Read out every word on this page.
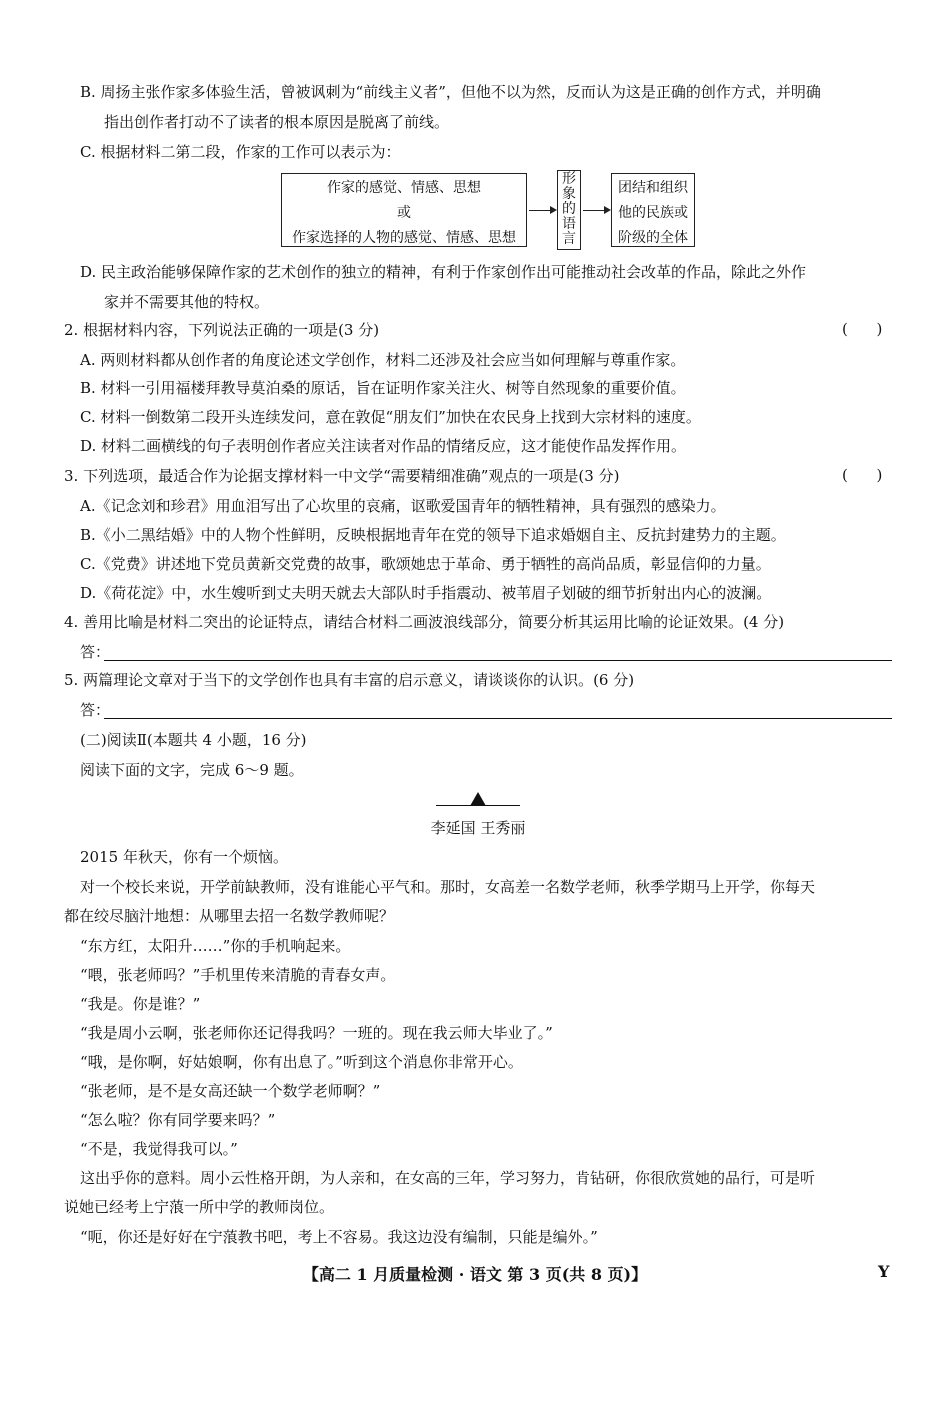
B. 周扬主张作家多体验生活，曾被讽刺为“前线主义者”，但他不以为然，反而认为这是正确的创作方式，并明确
指出创作者打动不了读者的根本原因是脱离了前线。
C. 根据材料二第二段，作家的工作可以表示为：
作家的感觉、情感、思想
或
作家选择的人物的感觉、情感、思想
形象的语言
团结和组织
他的民族或
阶级的全体
D. 民主政治能够保障作家的艺术创作的独立的精神，有利于作家创作出可能推动社会改革的作品，除此之外作
家并不需要其他的特权。
2. 根据材料内容，下列说法正确的一项是(3 分)	(      )
A. 两则材料都从创作者的角度论述文学创作，材料二还涉及社会应当如何理解与尊重作家。
B. 材料一引用福楼拜教导莫泊桑的原话，旨在证明作家关注火、树等自然现象的重要价值。
C. 材料一倒数第二段开头连续发问，意在敦促“朋友们”加快在农民身上找到大宗材料的速度。
D. 材料二画横线的句子表明创作者应关注读者对作品的情绪反应，这才能使作品发挥作用。
3. 下列选项，最适合作为论据支撑材料一中文学“需要精细准确”观点的一项是(3 分)	(      )
A.《记念刘和珍君》用血泪写出了心坎里的哀痛，讴歌爱国青年的牺牲精神，具有强烈的感染力。
B.《小二黑结婚》中的人物个性鲜明，反映根据地青年在党的领导下追求婚姻自主、反抗封建势力的主题。
C.《党费》讲述地下党员黄新交党费的故事，歌颂她忠于革命、勇于牺牲的高尚品质，彰显信仰的力量。
D.《荷花淀》中，水生嫂听到丈夫明天就去大部队时手指震动、被苇眉子划破的细节折射出内心的波澜。
4. 善用比喻是材料二突出的论证特点，请结合材料二画波浪线部分，简要分析其运用比喻的论证效果。(4 分)
答：
5. 两篇理论文章对于当下的文学创作也具有丰富的启示意义，请谈谈你的认识。(6 分)
答：
(二)阅读Ⅱ(本题共 4 小题，16 分)
阅读下面的文字，完成 6～9 题。
李延国 王秀丽
2015 年秋天，你有一个烦恼。
对一个校长来说，开学前缺教师，没有谁能心平气和。那时，女高差一名数学老师，秋季学期马上开学，你每天
都在绞尽脑汁地想：从哪里去招一名数学教师呢？
“东方红，太阳升……”你的手机响起来。
“喂，张老师吗？”手机里传来清脆的青春女声。
“我是。你是谁？”
“我是周小云啊，张老师你还记得我吗？一班的。现在我云师大毕业了。”
“哦，是你啊，好姑娘啊，你有出息了。”听到这个消息你非常开心。
“张老师，是不是女高还缺一个数学老师啊？”
“怎么啦？你有同学要来吗？”
“不是，我觉得我可以。”
这出乎你的意料。周小云性格开朗，为人亲和，在女高的三年，学习努力，肯钻研，你很欣赏她的品行，可是听
说她已经考上宁蒗一所中学的教师岗位。
“呃，你还是好好在宁蒗教书吧，考上不容易。我这边没有编制，只能是编外。”
【高二 1 月质量检测 · 语文 第 3 页(共 8 页)】	Y
